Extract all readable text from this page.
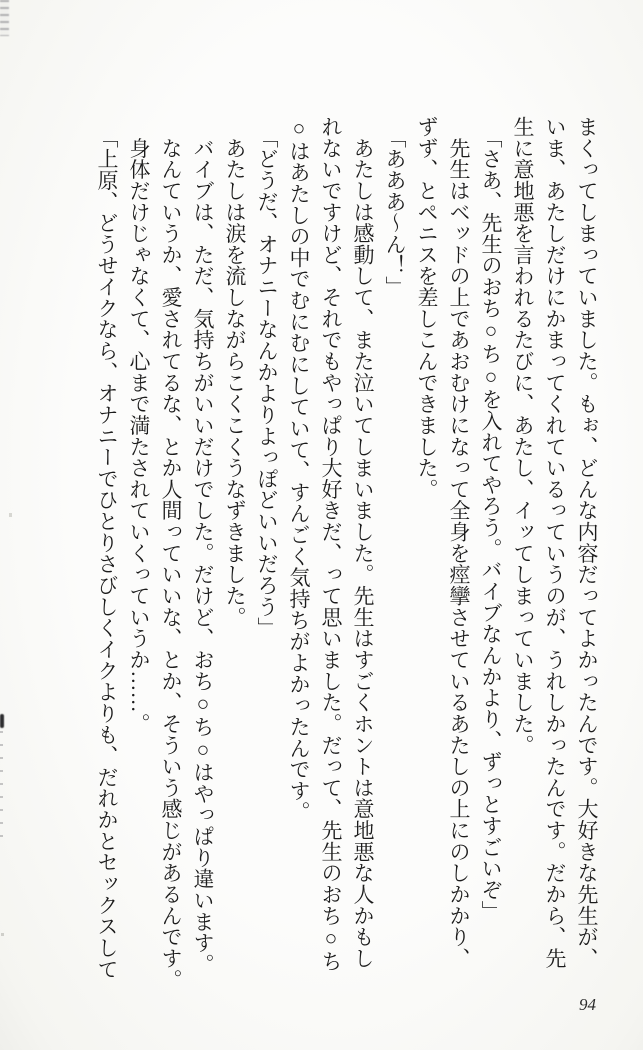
まくってしまっていました。もぉ、どんな内容だってよかったんです。大好きな先生が、
いま、あたしだけにかまってくれているっていうのが、うれしかったんです。だから、先
生に意地悪を言われるたびに、あたし、イッてしまっていました。
　「さあ、先生のおち○ち○を入れてやろう。バイブなんかより、ずっとすごいぞ」
　先生はベッドの上であおむけになって全身を痙攣させているあたしの上にのしかかり、
ずず、とペニスを差しこんできました。
　「あああ〜ん！」
　あたしは感動して、また泣いてしまいました。先生はすごくホントは意地悪な人かもし
れないですけど、それでもやっぱり大好きだ、って思いました。だって、先生のおち○ち
○はあたしの中でむにむにしていて、すんごく気持ちがよかったんです。
　「どうだ、オナニーなんかよりよっぽどいいだろう」
　あたしは涙を流しながらこくこくうなずきました。
　バイブは、ただ、気持ちがいいだけでした。だけど、おち○ち○はやっぱり違います。
　なんていうか、愛されてるな、とか人間っていいな、とか、そういう感じがあるんです。
　身体だけじゃなくて、心まで満たされていくっていうか……。
　「上原、どうせイクなら、オナニーでひとりさびしくイクよりも、だれかとセックスして
94
